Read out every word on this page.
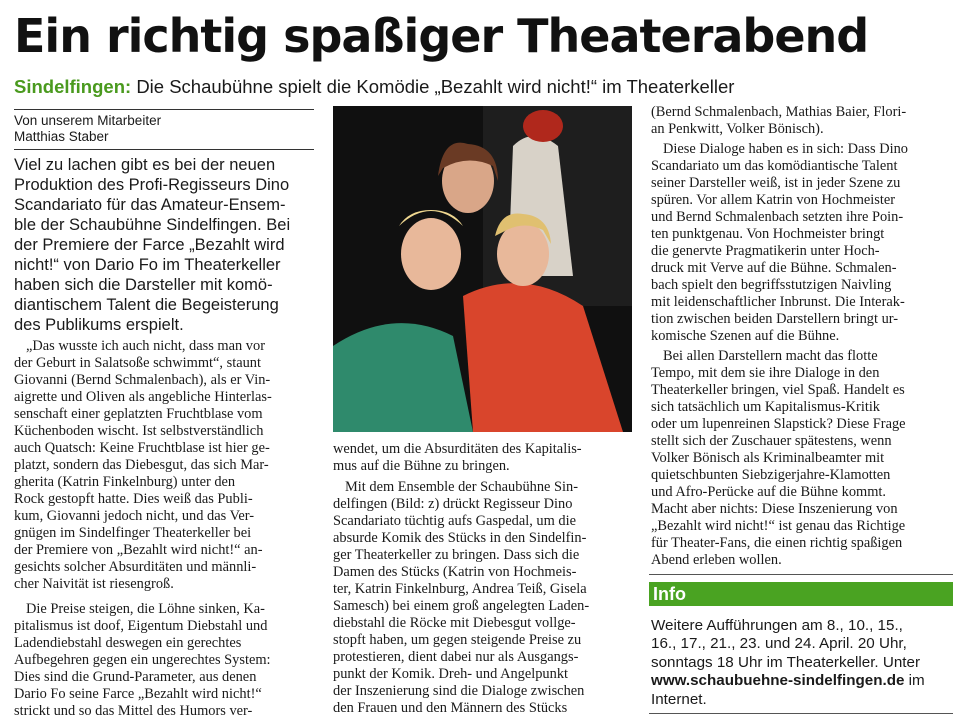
Ein richtig spaßiger Theaterabend
Sindelfingen: Die Schaubühne spielt die Komödie „Bezahlt wird nicht!“ im Theaterkeller
Von unserem Mitarbeiter
Matthias Staber
Viel zu lachen gibt es bei der neuen
Produktion des Profi-Regisseurs Dino
Scandariato für das Amateur-Ensem-
ble der Schaubühne Sindelfingen. Bei
der Premiere der Farce „Bezahlt wird
nicht!“ von Dario Fo im Theaterkeller
haben sich die Darsteller mit komö-
diantischem Talent die Begeisterung
des Publikums erspielt.
„Das wusste ich auch nicht, dass man vor
der Geburt in Salatsoße schwimmt“, staunt
Giovanni (Bernd Schmalenbach), als er Vin-
aigrette und Oliven als angebliche Hinterlas-
senschaft einer geplatzten Fruchtblase vom
Küchenboden wischt. Ist selbstverständlich
auch Quatsch: Keine Fruchtblase ist hier ge-
platzt, sondern das Diebesgut, das sich Mar-
gherita (Katrin Finkelnburg) unter den
Rock gestopft hatte. Dies weiß das Publi-
kum, Giovanni jedoch nicht, und das Ver-
gnügen im Sindelfinger Theaterkeller bei
der Premiere von „Bezahlt wird nicht!“ an-
gesichts solcher Absurditäten und männli-
cher Naivität ist riesengroß.
Die Preise steigen, die Löhne sinken, Ka-
pitalismus ist doof, Eigentum Diebstahl und
Ladendiebstahl deswegen ein gerechtes
Aufbegehren gegen ein ungerechtes System:
Dies sind die Grund-Parameter, aus denen
Dario Fo seine Farce „Bezahlt wird nicht!“
strickt und so das Mittel des Humors ver-
wendet, um die Absurditäten des Kapitalis-
mus auf die Bühne zu bringen.
Mit dem Ensemble der Schaubühne Sin-
delfingen (Bild: z) drückt Regisseur Dino
Scandariato tüchtig aufs Gaspedal, um die
absurde Komik des Stücks in den Sindelfin-
ger Theaterkeller zu bringen. Dass sich die
Damen des Stücks (Katrin von Hochmeis-
ter, Katrin Finkelnburg, Andrea Teiß, Gisela
Samesch) bei einem groß angelegten Laden-
diebstahl die Röcke mit Diebesgut vollge-
stopft haben, um gegen steigende Preise zu
protestieren, dient dabei nur als Ausgangs-
punkt der Komik. Dreh- und Angelpunkt
der Inszenierung sind die Dialoge zwischen
den Frauen und den Männern des Stücks
(Bernd Schmalenbach, Mathias Baier, Flori-
an Penkwitt, Volker Bönisch).
Diese Dialoge haben es in sich: Dass Dino
Scandariato um das komödiantische Talent
seiner Darsteller weiß, ist in jeder Szene zu
spüren. Vor allem Katrin von Hochmeister
und Bernd Schmalenbach setzten ihre Poin-
ten punktgenau. Von Hochmeister bringt
die genervte Pragmatikerin unter Hoch-
druck mit Verve auf die Bühne. Schmalen-
bach spielt den begriffsstutzigen Naivling
mit leidenschaftlicher Inbrunst. Die Interak-
tion zwischen beiden Darstellern bringt ur-
komische Szenen auf die Bühne.
Bei allen Darstellern macht das flotte
Tempo, mit dem sie ihre Dialoge in den
Theaterkeller bringen, viel Spaß. Handelt es
sich tatsächlich um Kapitalismus-Kritik
oder um lupenreinen Slapstick? Diese Frage
stellt sich der Zuschauer spätestens, wenn
Volker Bönisch als Kriminalbeamter mit
quietschbunten Siebzigerjahre-Klamotten
und Afro-Perücke auf die Bühne kommt.
Macht aber nichts: Diese Inszenierung von
„Bezahlt wird nicht!“ ist genau das Richtige
für Theater-Fans, die einen richtig spaßigen
Abend erleben wollen.
Info
Weitere Aufführungen am 8., 10., 15.,
16., 17., 21., 23. und 24. April. 20 Uhr,
sonntags 18 Uhr im Theaterkeller. Unter
www.schaubuehne-sindelfingen.de im
Internet.
